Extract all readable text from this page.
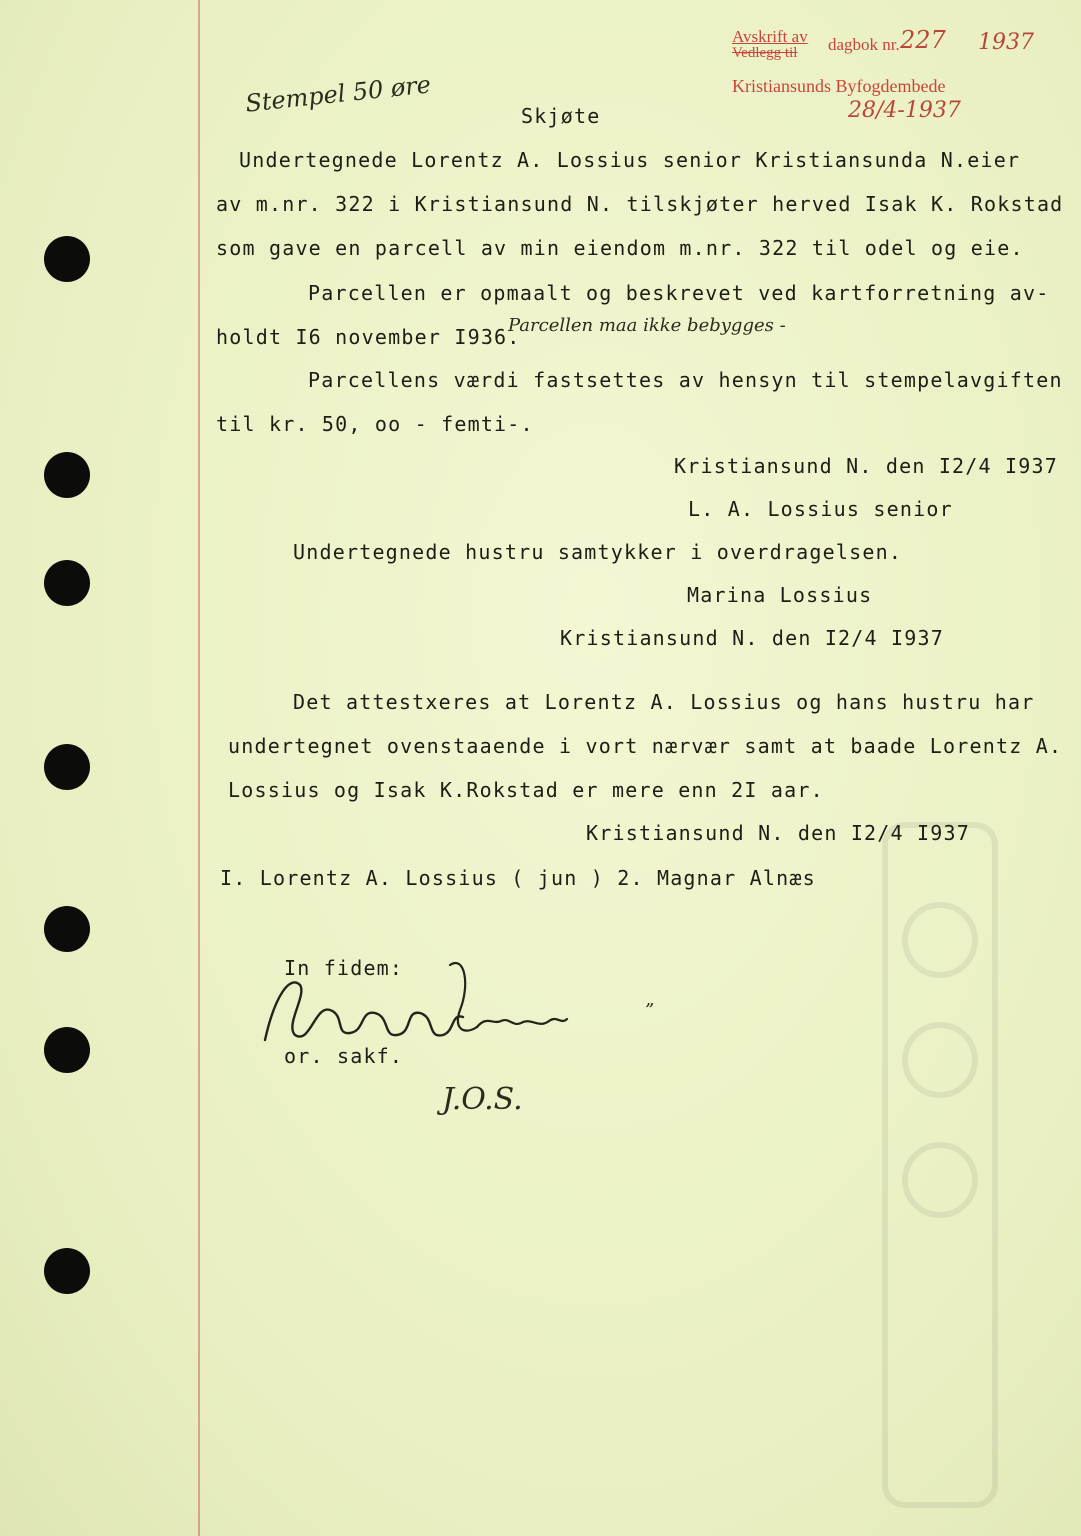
Avskrift av
Vedlegg til dagbok nr. 227 1937
Kristiansunds Byfogdembede
28/4-1937
Stempel 50 øre	Skjøte
Undertegnede Lorentz A. Lossius senior Kristiansunda N.eier
av m.nr. 322 i Kristiansund N. tilskjøter herved Isak K. Rokstad
som gave en parcell av min eiendom m.nr. 322 til odel og eie.
Parcellen er opmaalt og beskrevet ved kartforretning av-
holdt I6 november I936.
Parcellen maa ikke bebygges -
Parcellens værdi fastsettes av hensyn til stempelavgiften
til kr. 50, oo - femti-.
Kristiansund N. den I2/4 I937
L. A. Lossius senior
Undertegnede hustru samtykker i overdragelsen.
Marina Lossius
Kristiansund N. den I2/4 I937
Det attestxeres at Lorentz A. Lossius og hans hustru har
undertegnet ovenstaaende i vort nærvær samt at baade Lorentz A.
Lossius og Isak K.Rokstad er mere enn 2I aar.
Kristiansund N. den I2/4 I937
I. Lorentz A. Lossius ( jun ) 2. Magnar Alnæs
In fidem:
or. sakf.
”
J.O.S.
